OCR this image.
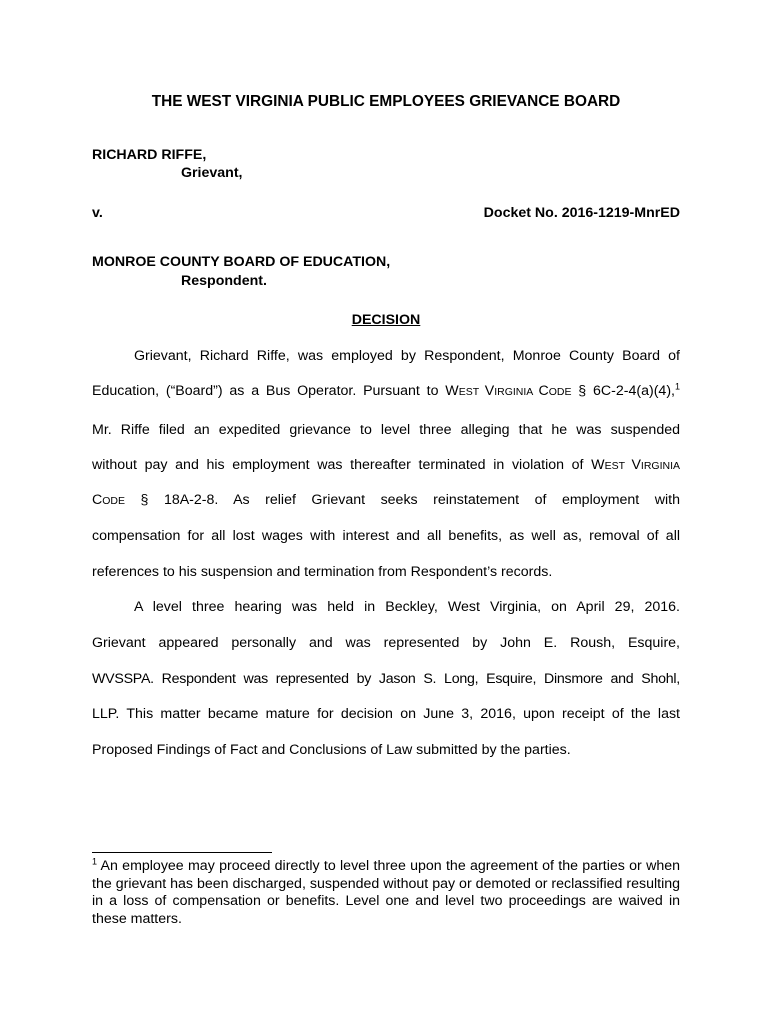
THE WEST VIRGINIA PUBLIC EMPLOYEES GRIEVANCE BOARD
RICHARD RIFFE,
Grievant,
v.	Docket No. 2016-1219-MnrED
MONROE COUNTY BOARD OF EDUCATION,
Respondent.
DECISION
Grievant, Richard Riffe, was employed by Respondent, Monroe County Board of
Education, (“Board”) as a Bus Operator. Pursuant to WEST VIRGINIA CODE § 6C-2-4(a)(4),$^1$
Mr. Riffe filed an expedited grievance to level three alleging that he was suspended
without pay and his employment was thereafter terminated in violation of WEST VIRGINIA
CODE § 18A-2-8. As relief Grievant seeks reinstatement of employment with
compensation for all lost wages with interest and all benefits, as well as, removal of all
references to his suspension and termination from Respondent’s records.
A level three hearing was held in Beckley, West Virginia, on April 29, 2016.
Grievant appeared personally and was represented by John E. Roush, Esquire,
WVSSPA. Respondent was represented by Jason S. Long, Esquire, Dinsmore and Shohl,
LLP. This matter became mature for decision on June 3, 2016, upon receipt of the last
Proposed Findings of Fact and Conclusions of Law submitted by the parties.
$^1$ An employee may proceed directly to level three upon the agreement of the parties or when the grievant has been discharged, suspended without pay or demoted or reclassified resulting in a loss of compensation or benefits. Level one and level two proceedings are waived in these matters.
